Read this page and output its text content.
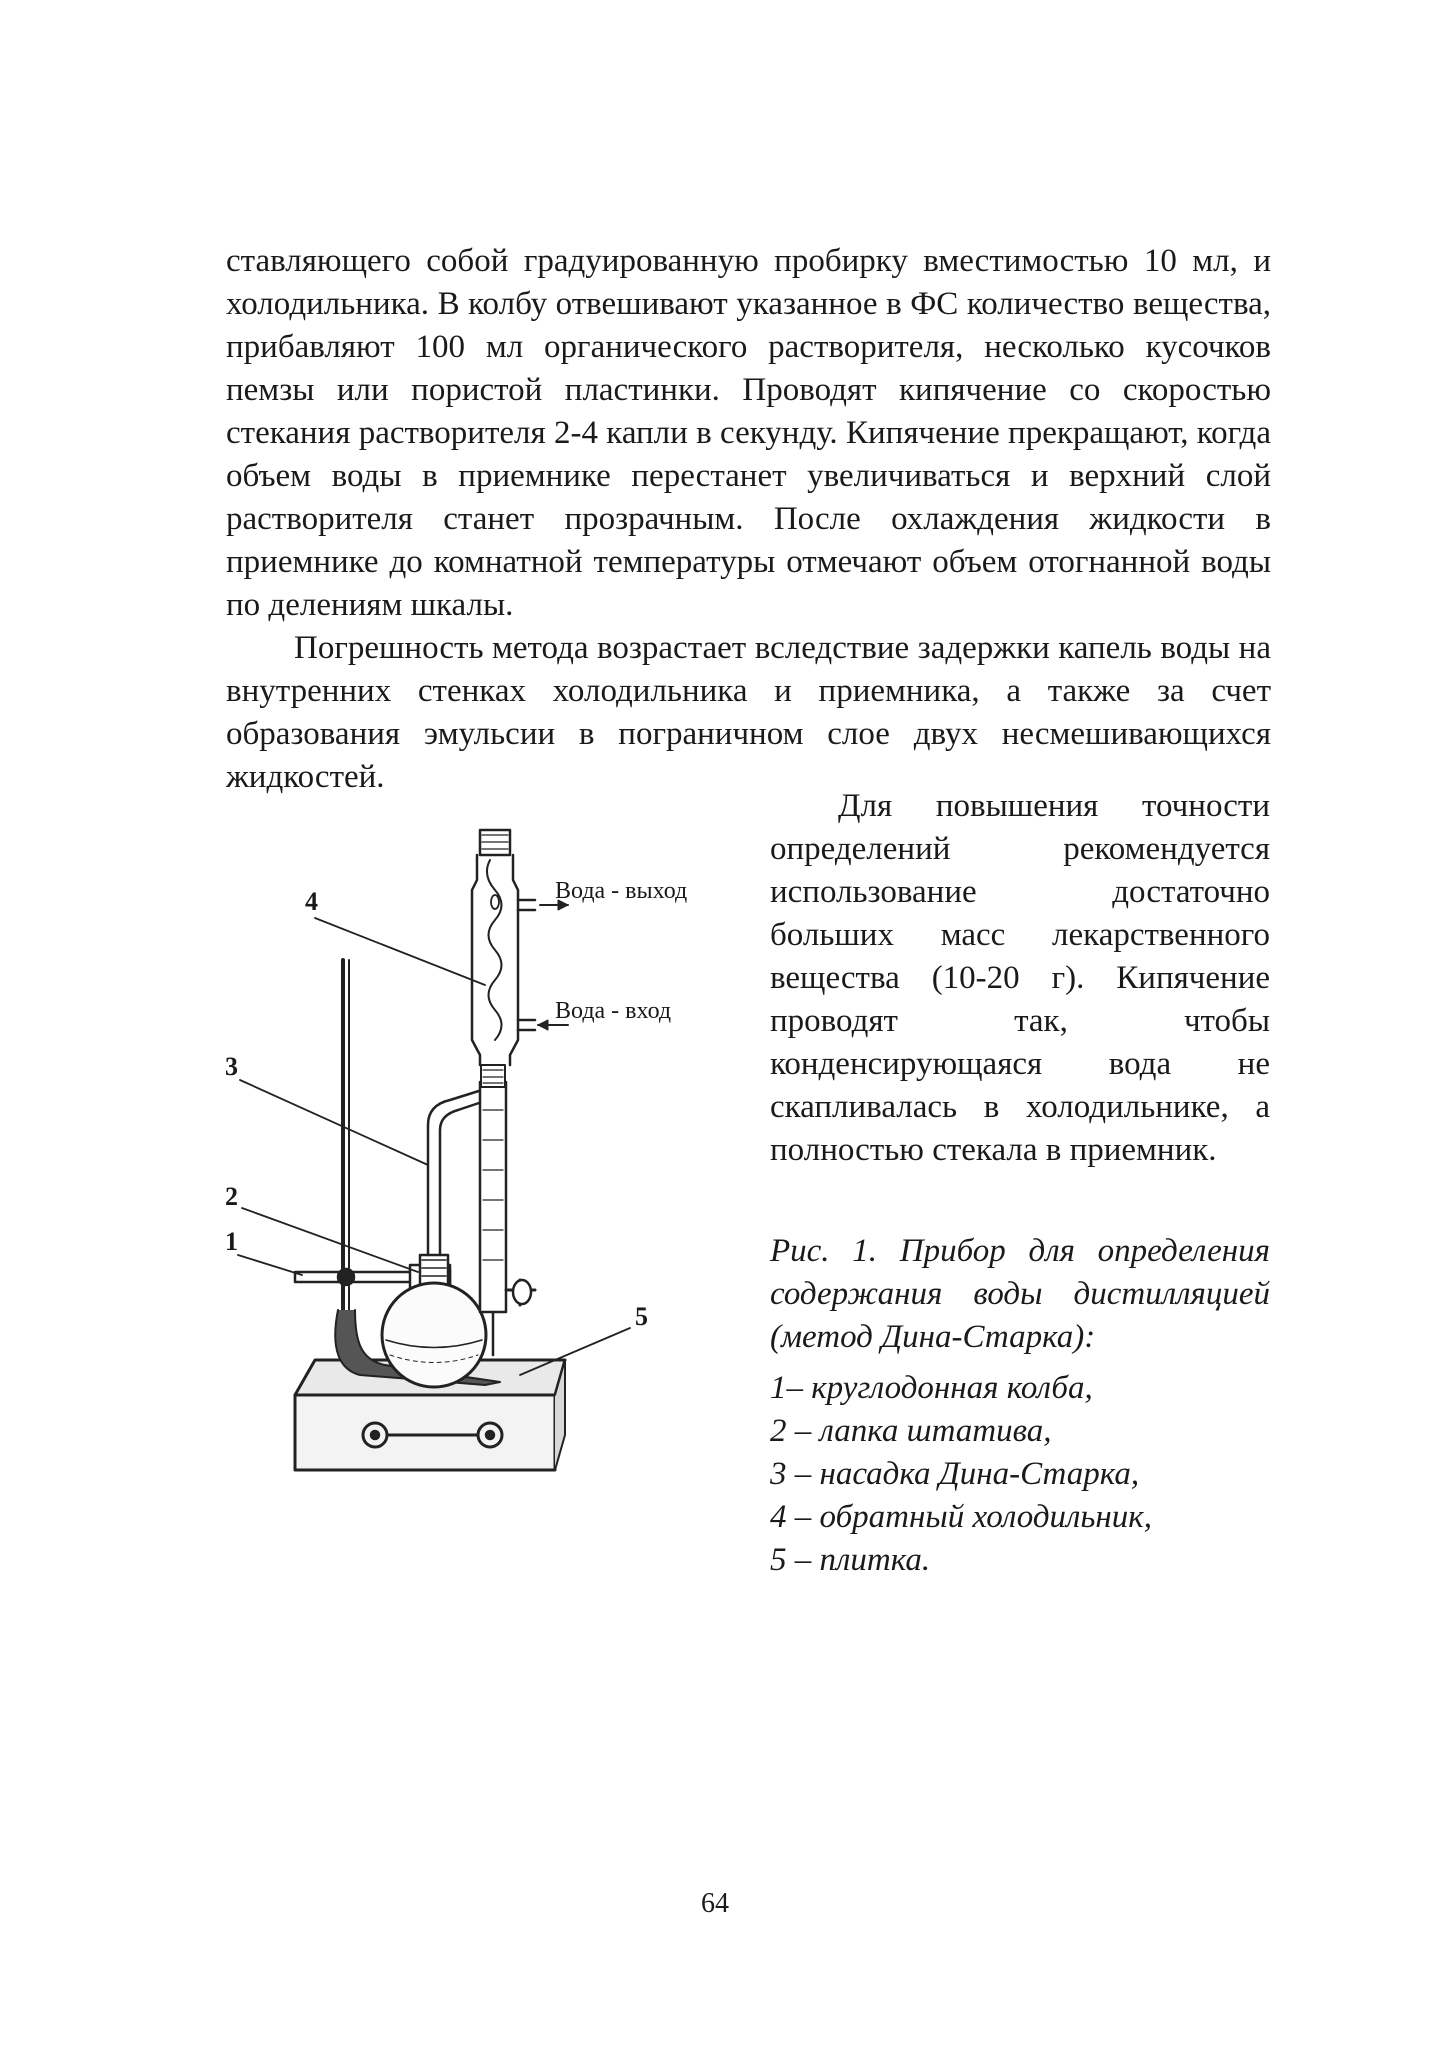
ставляющего собой градуированную пробирку вместимостью 10 мл, и холодильника. В колбу отвешивают указанное в ФС количество вещества, прибавляют 100 мл органического растворителя, несколько кусочков пемзы или пористой пластинки. Проводят кипячение со скоростью стекания растворителя 2-4 капли в секунду. Кипячение прекращают, когда объем воды в приемнике перестанет увеличиваться и верхний слой растворителя станет прозрачным. После охлаждения жидкости в приемнике до комнатной температуры отмечают объем отогнанной воды по делениям шкалы.

Погрешность метода возрастает вследствие задержки капель воды на внутренних стенках холодильника и приемника, а также за счет образования эмульсии в пограничном слое двух несмешивающихся жидкостей.

Вода - выход
Вода - вход
4
3
2
1
5

Для повышения точности определений рекомендуется использование достаточно больших масс лекарственного вещества (10-20 г). Кипячение проводят так, чтобы конденсирующаяся вода не скапливалась в холодильнике, а полностью стекала в приемник.

Рис. 1. Прибор для определения содержания воды дистилляцией (метод Дина-Старка):

1– круглодонная колба,

2 – лапка штатива,

3 – насадка Дина-Старка,

4 – обратный холодильник,

5 – плитка.

64
